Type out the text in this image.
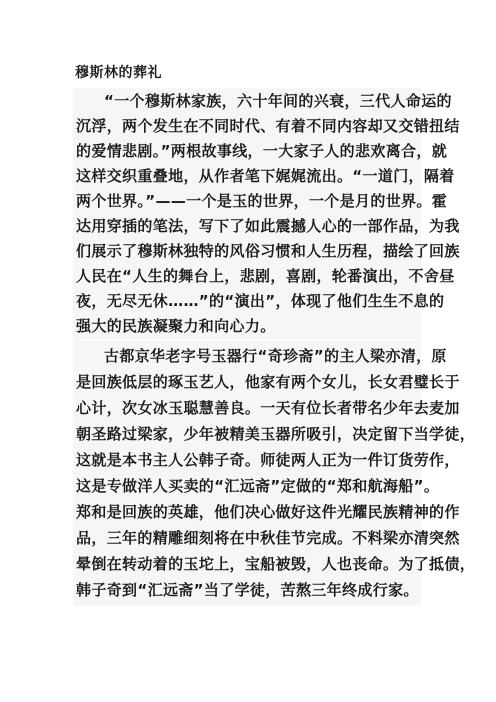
穆斯林的葬礼
“一个穆斯林家族，六十年间的兴衰，三代人命运的
沉浮，两个发生在不同时代、有着不同内容却又交错扭结
的爱情悲剧。”两根故事线，一大家子人的悲欢离合，就
这样交织重叠地，从作者笔下娓娓流出。“一道门，隔着
两个世界。”——一个是玉的世界，一个是月的世界。霍
达用穿插的笔法，写下了如此震撼人心的一部作品，为我
们展示了穆斯林独特的风俗习惯和人生历程，描绘了回族
人民在“人生的舞台上，悲剧，喜剧，轮番演出，不舍昼
夜，无尽无休……”的“演出”，体现了他们生生不息的
强大的民族凝聚力和向心力。
古都京华老字号玉器行“奇珍斋”的主人梁亦清，原
是回族低层的琢玉艺人，他家有两个女儿，长女君璧长于
心计，次女冰玉聪慧善良。一天有位长者带名少年去麦加
朝圣路过梁家，少年被精美玉器所吸引，决定留下当学徒，
这就是本书主人公韩子奇。师徒两人正为一件订货劳作，
这是专做洋人买卖的“汇远斋”定做的“郑和航海船”。
郑和是回族的英雄，他们决心做好这件光耀民族精神的作
品，三年的精雕细刻将在中秋佳节完成。不料梁亦清突然
晕倒在转动着的玉坨上，宝船被毁，人也丧命。为了抵债，
韩子奇到“汇远斋”当了学徒，苦熬三年终成行家。
